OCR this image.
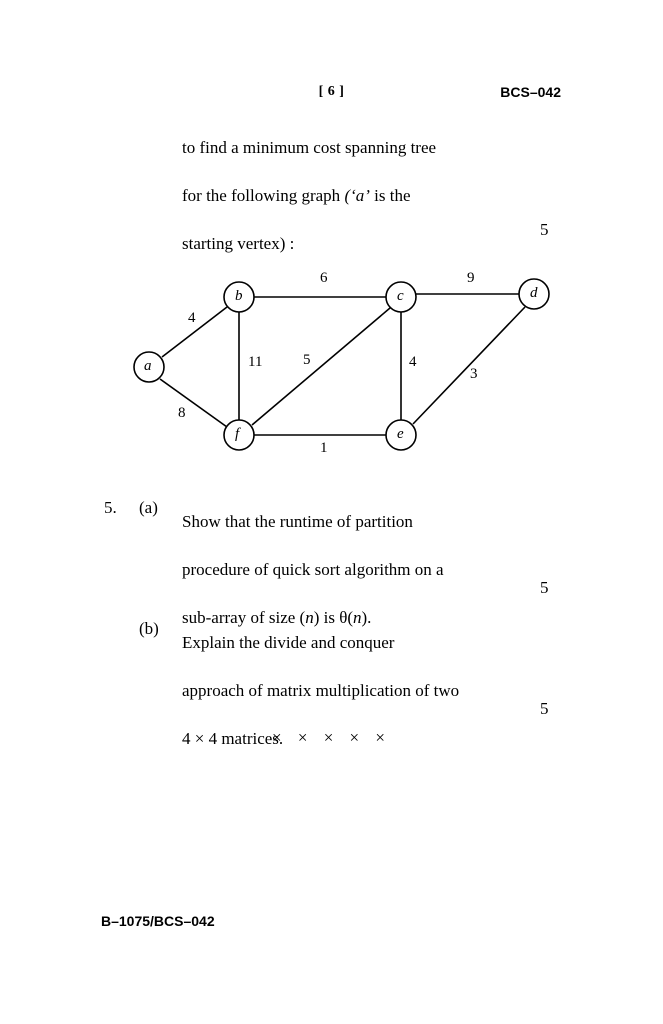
[ 6 ]	BCS–042
to find a minimum cost spanning tree
for the following graph (‘a’ is the
starting vertex) :
5
a
b	c	d
e
f
4
8
6
11
9
5	4
3
1
5. (a)
Show that the runtime of partition
procedure of quick sort algorithm on a
sub-array of size (n) is θ(n).
5
(b)
Explain the divide and conquer
approach of matrix multiplication of two
4 × 4 matrices.
5
× × × × ×
B–1075/BCS–042
